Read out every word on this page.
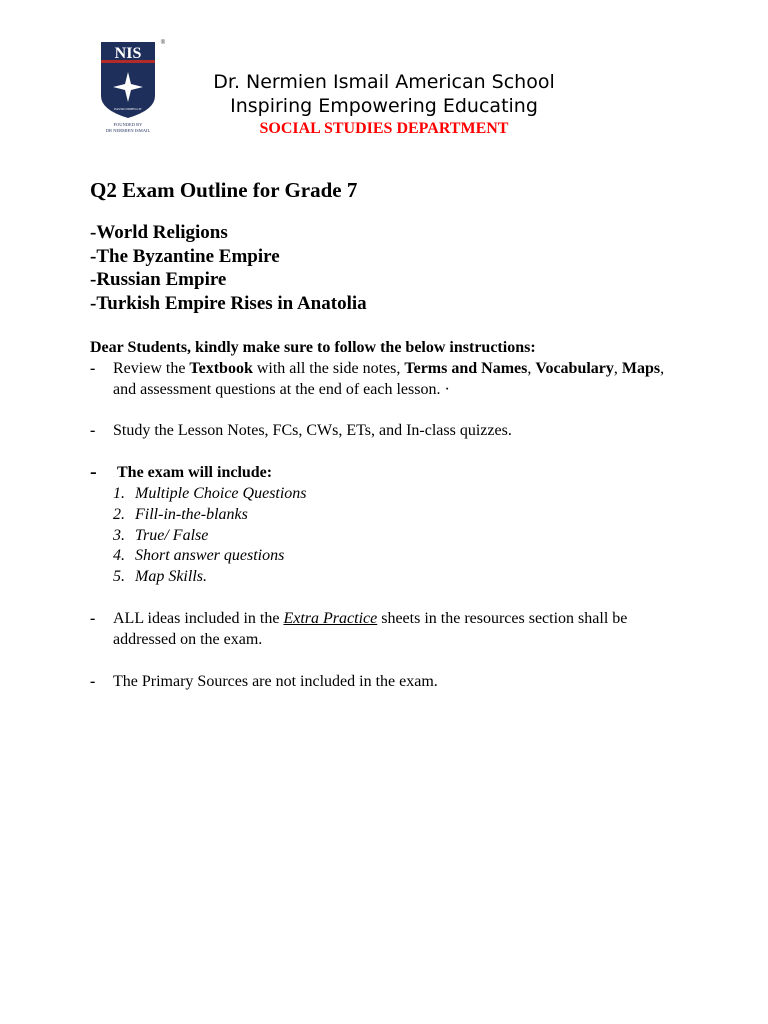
NIS
PASSIO IMPELLIT
®
FOUNDED BY
DR NERMIEN ISMAIL
Dr. Nermien Ismail American School
Inspiring Empowering Educating
SOCIAL STUDIES DEPARTMENT
Q2 Exam Outline for Grade 7
-World Religions
-The Byzantine Empire
-Russian Empire
-Turkish Empire Rises in Anatolia

Dear Students, kindly make sure to follow the below instructions:

-	Review the Textbook with all the side notes, Terms and Names, Vocabulary, Maps, and assessment questions at the end of each lesson. ·
-	Study the Lesson Notes, FCs, CWs, ETs, and In-class quizzes.
-	The exam will include:
1. Multiple Choice Questions
2. Fill-in-the-blanks
3. True/ False
4. Short answer questions
5. Map Skills.
-	ALL ideas included in the Extra Practice sheets in the resources section shall be addressed on the exam.
-	The Primary Sources are not included in the exam.
